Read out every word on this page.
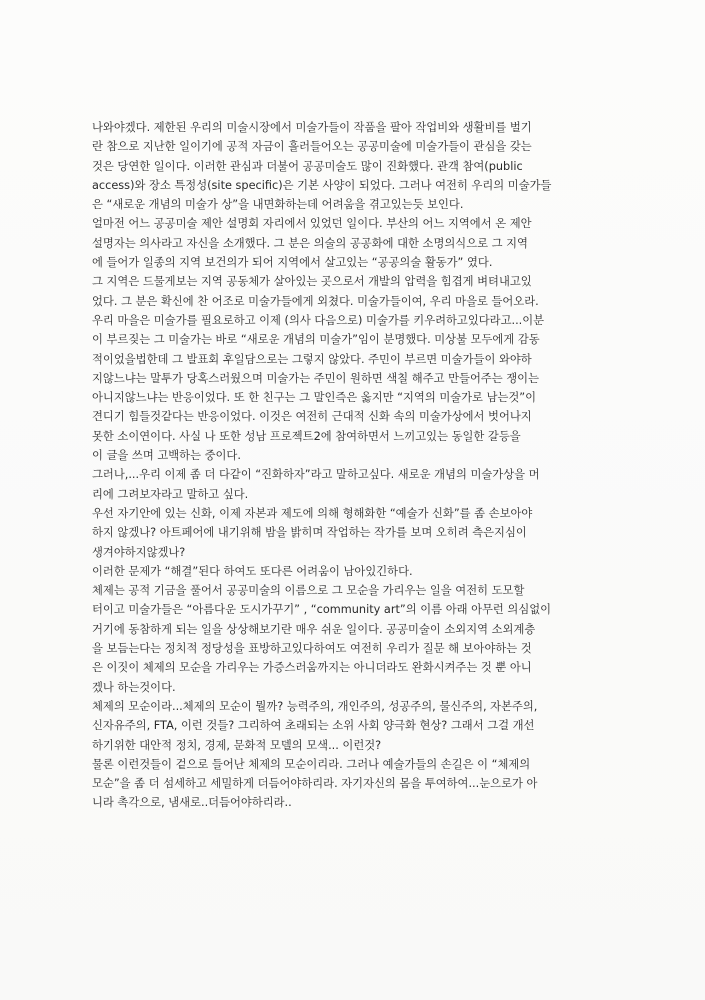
나와야겠다. 제한된 우리의 미술시장에서 미술가들이 작품을 팔아 작업비와 생활비를 벌기
란 참으로 지난한 일이기에 공적 자금이 흘러들어오는 공공미술에 미술가들이 관심을 갖는
것은 당연한 일이다. 이러한 관심과 더불어 공공미술도 많이 진화했다. 관객 참여(public
access)와 장소 특정성(site specific)은 기본 사양이 되었다. 그러나 여전히 우리의 미술가들
은 “새로운 개념의 미술가 상”을 내면화하는데 어려움을 겪고있는듯 보인다.
얼마전 어느 공공미술 제안 설명회 자리에서 있었던 일이다. 부산의 어느 지역에서 온 제안
설명자는 의사라고 자신을 소개했다. 그 분은 의술의 공공화에 대한 소명의식으로 그 지역
에 들어가 일종의 지역 보건의가 되어 지역에서 살고있는 “공공의술 활동가” 였다.
그 지역은 드물게보는 지역 공동체가 살아있는 곳으로서 개발의 압력을 힘겹게 벼텨내고있
었다. 그 분은 확신에 찬 어조로 미술가들에게 외쳤다. 미술가들이여, 우리 마을로 들어오라.
우리 마을은 미술가를 필요로하고 이제 (의사 다음으로) 미술가를 키우려하고있다라고...이분
이 부르짖는 그 미술가는 바로 “새로운 개념의 미술가”임이 분명했다. 미상불 모두에게 감동
적이었을법한데 그 발표회 후일담으로는 그렇지 않았다. 주민이 부르면 미술가들이 와야하
지않느냐는 말투가 당혹스러웠으며 미술가는 주민이 원하면 색칠 해주고 만들어주는 쟁이는
아니지않느냐는 반응이었다. 또 한 친구는 그 말인즉은 옳지만 “지역의 미술가로 남는것”이
견디기 힘들것같다는 반응이었다. 이것은 여전히 근대적 신화 속의 미술가상에서 벗어나지
못한 소이연이다. 사실 나 또한 성남 프로젝트2에 참여하면서 느끼고있는 동일한 갈등을
이 글을 쓰며 고백하는 중이다.
그러나,...우리 이제 좀 더 다같이 “진화하자”라고 말하고싶다. 새로운 개념의 미술가상을 머
리에 그려보자라고 말하고 싶다.
우선 자기안에 있는 신화, 이제 자본과 제도에 의해 형해화한 “예술가 신화”를 좀 손보아야
하지 않겠나? 아트페어에 내기위해 밤을 밝히며 작업하는 작가를 보며 오히려 측은지심이
생겨야하지않겠나?
이러한 문제가 “해결”된다 하여도 또다른 어려움이 남아있긴하다.
체제는 공적 기금을 풀어서 공공미술의 이름으로 그 모순을 가리우는 일을 여전히 도모할
터이고 미술가들은 “아름다운 도시가꾸기” , “community art”의 이름 아래 아무런 의심없이
거기에 동참하게 되는 일을 상상해보기란 매우 쉬운 일이다. 공공미술이 소외지역 소외계층
을 보듬는다는 정치적 정당성을 표방하고있다하여도 여전히 우리가 질문 해 보아야하는 것
은 이짓이 체제의 모순을 가리우는 가증스러움까지는 아니더라도 완화시켜주는 것 뿐 아니
겠나 하는것이다.
체제의 모순이라...체제의 모순이 뭘까? 능력주의, 개인주의, 성공주의, 물신주의, 자본주의,
신자유주의, FTA, 이런 것들? 그리하여 초래되는 소위 사회 양극화 현상? 그래서 그걸 개선
하기위한 대안적 정치, 경제, 문화적 모델의 모색... 이런것?
물론 이런것들이 겉으로 들어난 체제의 모순이리라. 그러나 예술가들의 손길은 이 “체제의
모순”을 좀 더 섬세하고 세밀하게 더듬어야하리라. 자기자신의 몸을 투여하여...눈으로가 아
니라 촉각으로, 냄새로..더듬어야하리라..
